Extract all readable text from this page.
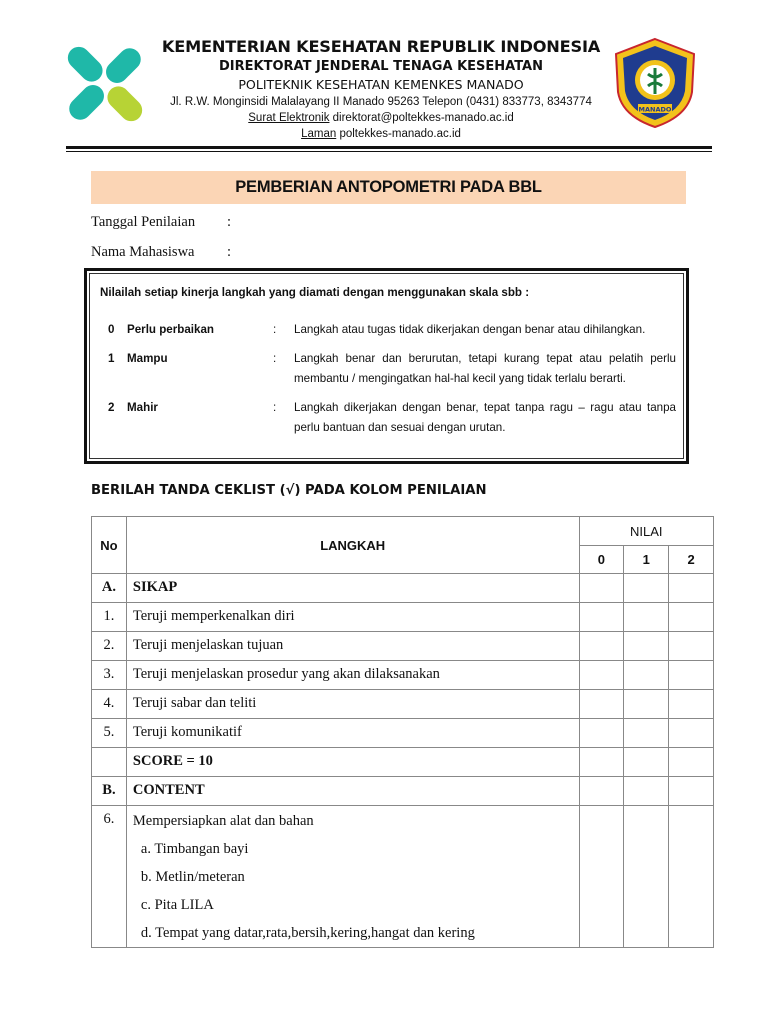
KEMENTERIAN KESEHATAN REPUBLIK INDONESIA
DIREKTORAT JENDERAL TENAGA KESEHATAN
POLITEKNIK KESEHATAN KEMENKES MANADO
Jl. R.W. Monginsidi Malalayang II Manado 95263 Telepon (0431) 833773, 8343774
Surat Elektronik direktorat@poltekkes-manado.ac.id
Laman poltekkes-manado.ac.id
MANADO
PEMBERIAN ANTOPOMETRI PADA BBL
Tanggal Penilaian :
Nama Mahasiswa :
Nilailah setiap kinerja langkah yang diamati dengan menggunakan skala sbb :
0 Perlu perbaikan	: Langkah atau tugas tidak dikerjakan dengan benar atau dihilangkan.
1 Mampu	: Langkah benar dan berurutan, tetapi kurang tepat atau pelatih perlu membantu / mengingatkan hal-hal kecil yang tidak terlalu berarti.
2 Mahir	: Langkah dikerjakan dengan benar, tepat tanpa ragu – ragu atau tanpa perlu bantuan dan sesuai dengan urutan.
BERILAH TANDA CEKLIST (√) PADA KOLOM PENILAIAN
No	LANGKAH	NILAI		
		0	1	2
A.	SIKAP			
1.	Teruji memperkenalkan diri			
2.	Teruji menjelaskan tujuan			
3.	Teruji menjelaskan prosedur yang akan dilaksanakan			
4.	Teruji sabar dan teliti			
5.	Teruji komunikatif			
	SCORE = 10			
B.	CONTENT			
6.	Mempersiapkan alat dan bahan
a. Timbangan bayi
b. Metlin/meteran
c. Pita LILA
d. Tempat yang datar,rata,bersih,kering,hangat dan kering			
